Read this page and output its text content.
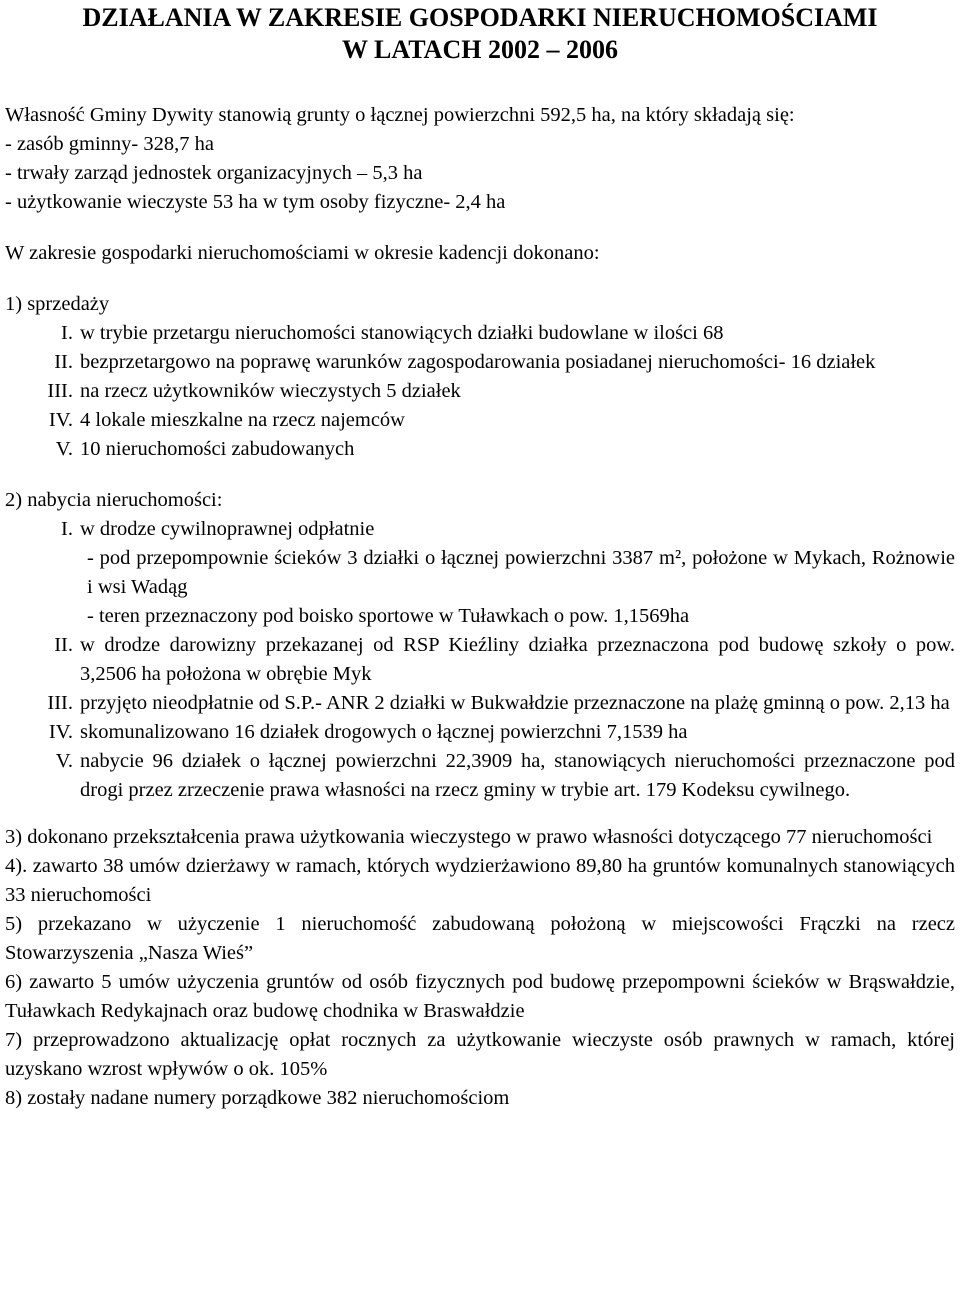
DZIAŁANIA W ZAKRESIE GOSPODARKI NIERUCHOMOŚCIAMI
W LATACH 2002 – 2006

Własność Gminy Dywity stanowią grunty o łącznej powierzchni 592,5 ha, na który składają się:

- zasób gminny- 328,7 ha

- trwały zarząd jednostek organizacyjnych – 5,3 ha

- użytkowanie wieczyste 53 ha w tym osoby fizyczne- 2,4 ha

W zakresie gospodarki nieruchomościami w okresie kadencji dokonano:

1) sprzedaży

I. w trybie przetargu nieruchomości stanowiących działki budowlane w ilości 68
II. bezprzetargowo na poprawę warunków zagospodarowania posiadanej nieruchomości- 16 działek
III. na rzecz użytkowników wieczystych 5 działek
IV. 4 lokale mieszkalne na rzecz najemców
V. 10 nieruchomości zabudowanych

2) nabycia nieruchomości:

I. w drodze cywilnoprawnej odpłatnie

- pod przepompownie ścieków 3 działki o łącznej powierzchni 3387 m², położone w Mykach, Rożnowie i wsi Wadąg

- teren przeznaczony pod boisko sportowe w Tuławkach o pow. 1,1569ha

II. w drodze darowizny przekazanej od RSP Kieźliny działka przeznaczona pod budowę szkoły o pow. 3,2506 ha położona w obrębie Myk
III. przyjęto nieodpłatnie od S.P.- ANR 2 działki w Bukwałdzie przeznaczone na plażę gminną o pow. 2,13 ha
IV. skomunalizowano 16 działek drogowych o łącznej powierzchni 7,1539 ha
V. nabycie 96 działek o łącznej powierzchni 22,3909 ha, stanowiących nieruchomości przeznaczone pod drogi przez zrzeczenie prawa własności na rzecz gminy w trybie art. 179 Kodeksu cywilnego.

3) dokonano przekształcenia prawa użytkowania wieczystego w prawo własności dotyczącego 77 nieruchomości

4). zawarto 38 umów dzierżawy w ramach, których wydzierżawiono 89,80 ha gruntów komunalnych stanowiących 33 nieruchomości

5) przekazano w użyczenie 1 nieruchomość zabudowaną położoną w miejscowości Frączki na rzecz Stowarzyszenia „Nasza Wieś”

6) zawarto 5 umów użyczenia gruntów od osób fizycznych pod budowę przepompowni ścieków w Brąswałdzie, Tuławkach Redykajnach oraz budowę chodnika w Braswałdzie

7) przeprowadzono aktualizację opłat rocznych za użytkowanie wieczyste osób prawnych w ramach, której uzyskano wzrost wpływów o ok. 105%

8) zostały nadane numery porządkowe 382 nieruchomościom
